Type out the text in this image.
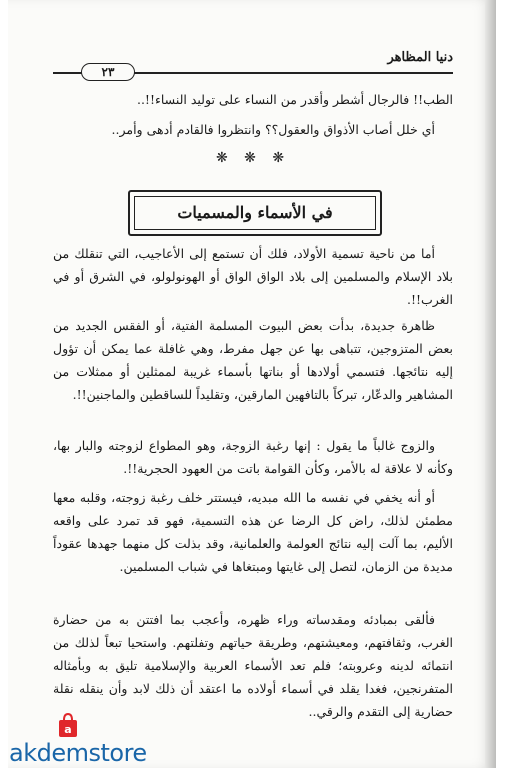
دنيا المظاهر
٢٣

الطب!! فالرجال أشطر وأقدر من النساء على توليد النساء!!..

أي خلل أصاب الأذواق والعقول؟؟ وانتظروا فالقادم أدهى وأمر..

❋ ❋ ❋
في الأسماء والمسميات

أما من ناحية تسمية الأولاد، فلك أن تستمع إلى الأعاجيب، التي تنقلك من بلاد الإسلام والمسلمين إلى بلاد الواق الواق أو الهونولولو، في الشرق أو في الغرب!!.

ظاهرة جديدة، بدأت بعض البيوت المسلمة الفتية، أو الفقس الجديد من بعض المتزوجين، تتباهى بها عن جهل مفرط، وهي غافلة عما يمكن أن تؤول إليه نتائجها. فتسمي أولادها أو بناتها بأسماء غريبة لممثلين أو ممثلات من المشاهير والدعّار، تبركاً بالتافهين المارقين، وتقليداً للساقطين والماجنين!!.

والزوج غالباً ما يقول : إنها رغبة الزوجة، وهو المطواع لزوجته والبار بها، وكأنه لا علاقة له بالأمر، وكأن القوامة باتت من العهود الحجرية!!.

أو أنه يخفي في نفسه ما الله مبديه، فيستتر خلف رغبة زوجته، وقلبه معها مطمئن لذلك، راض كل الرضا عن هذه التسمية، فهو قد تمرد على واقعه الأليم، بما آلت إليه نتائج العولمة والعلمانية، وقد بذلت كل منهما جهدها عقوداً مديدة من الزمان، لتصل إلى غايتها ومبتغاها في شباب المسلمين.

فألقى بمبادئه ومقدساته وراء ظهره، وأعجب بما افتتن به من حضارة الغرب، وثقافتهم، ومعيشتهم، وطريقة حياتهم وتفلتهم. واستحيا تبعاً لذلك من انتمائه لدينه وعروبته؛ فلم تعد الأسماء العربية والإسلامية تليق به وبأمثاله المتفرنجين، فغدا يقلد في أسماء أولاده ما اعتقد أن ذلك لابد وأن ينقله نقلة حضارية إلى التقدم والرقي..

a
akdemstore
